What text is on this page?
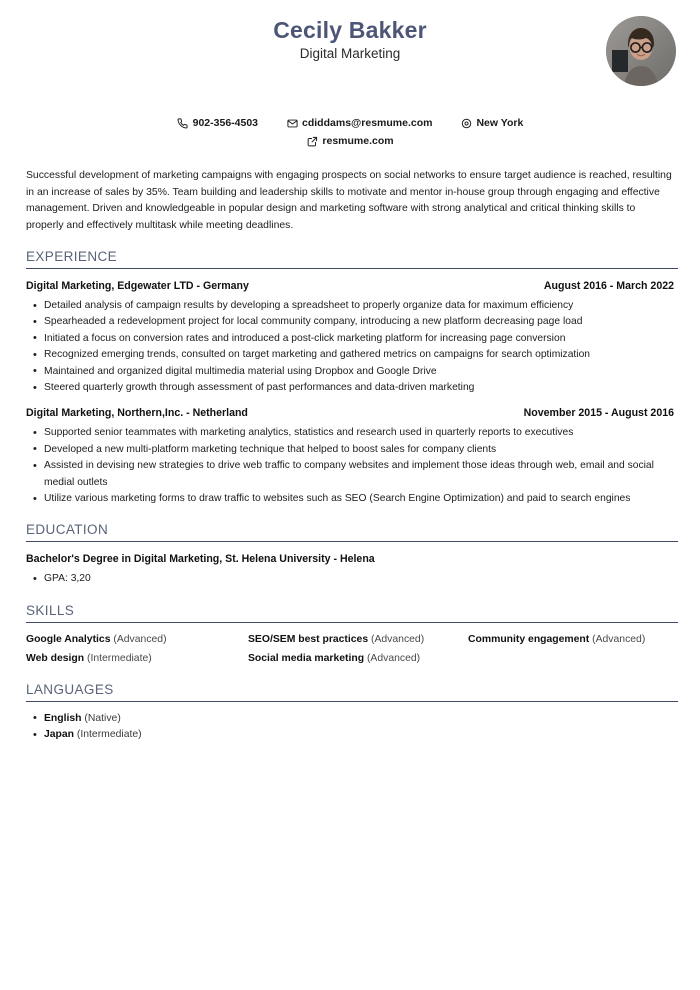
Cecily Bakker
Digital Marketing
902-356-4503
	cdiddams@resmume.com
	New York
resmume.com
Successful development of marketing campaigns with engaging prospects on social networks to ensure target audience is reached, resulting in an increase of sales by 35%. Team building and leadership skills to motivate and mentor in-house group through engaging and effective management. Driven and knowledgeable in popular design and marketing software with strong analytical and critical thinking skills to properly and effectively multitask while meeting deadlines.
EXPERIENCE
Digital Marketing, Edgewater LTD - Germany	August 2016 - March 2022
• Detailed analysis of campaign results by developing a spreadsheet to properly organize data for maximum efficiency
• Spearheaded a redevelopment project for local community company, introducing a new platform decreasing page load
• Initiated a focus on conversion rates and introduced a post-click marketing platform for increasing page conversion
• Recognized emerging trends, consulted on target marketing and gathered metrics on campaigns for search optimization
• Maintained and organized digital multimedia material using Dropbox and Google Drive
• Steered quarterly growth through assessment of past performances and data-driven marketing
Digital Marketing, Northern,Inc. - Netherland	November 2015 - August 2016
• Supported senior teammates with marketing analytics, statistics and research used in quarterly reports to executives
• Developed a new multi-platform marketing technique that helped to boost sales for company clients
• Assisted in devising new strategies to drive web traffic to company websites and implement those ideas through web, email and social medial outlets
• Utilize various marketing forms to draw traffic to websites such as SEO (Search Engine Optimization) and paid to search engines
EDUCATION
Bachelor's Degree in Digital Marketing, St. Helena University - Helena
• GPA: 3,20
SKILLS
Google Analytics (Advanced)	SEO/SEM best practices (Advanced)	Community engagement (Advanced)
Web design (Intermediate)	Social media marketing (Advanced)
LANGUAGES
• English (Native)
• Japan (Intermediate)
